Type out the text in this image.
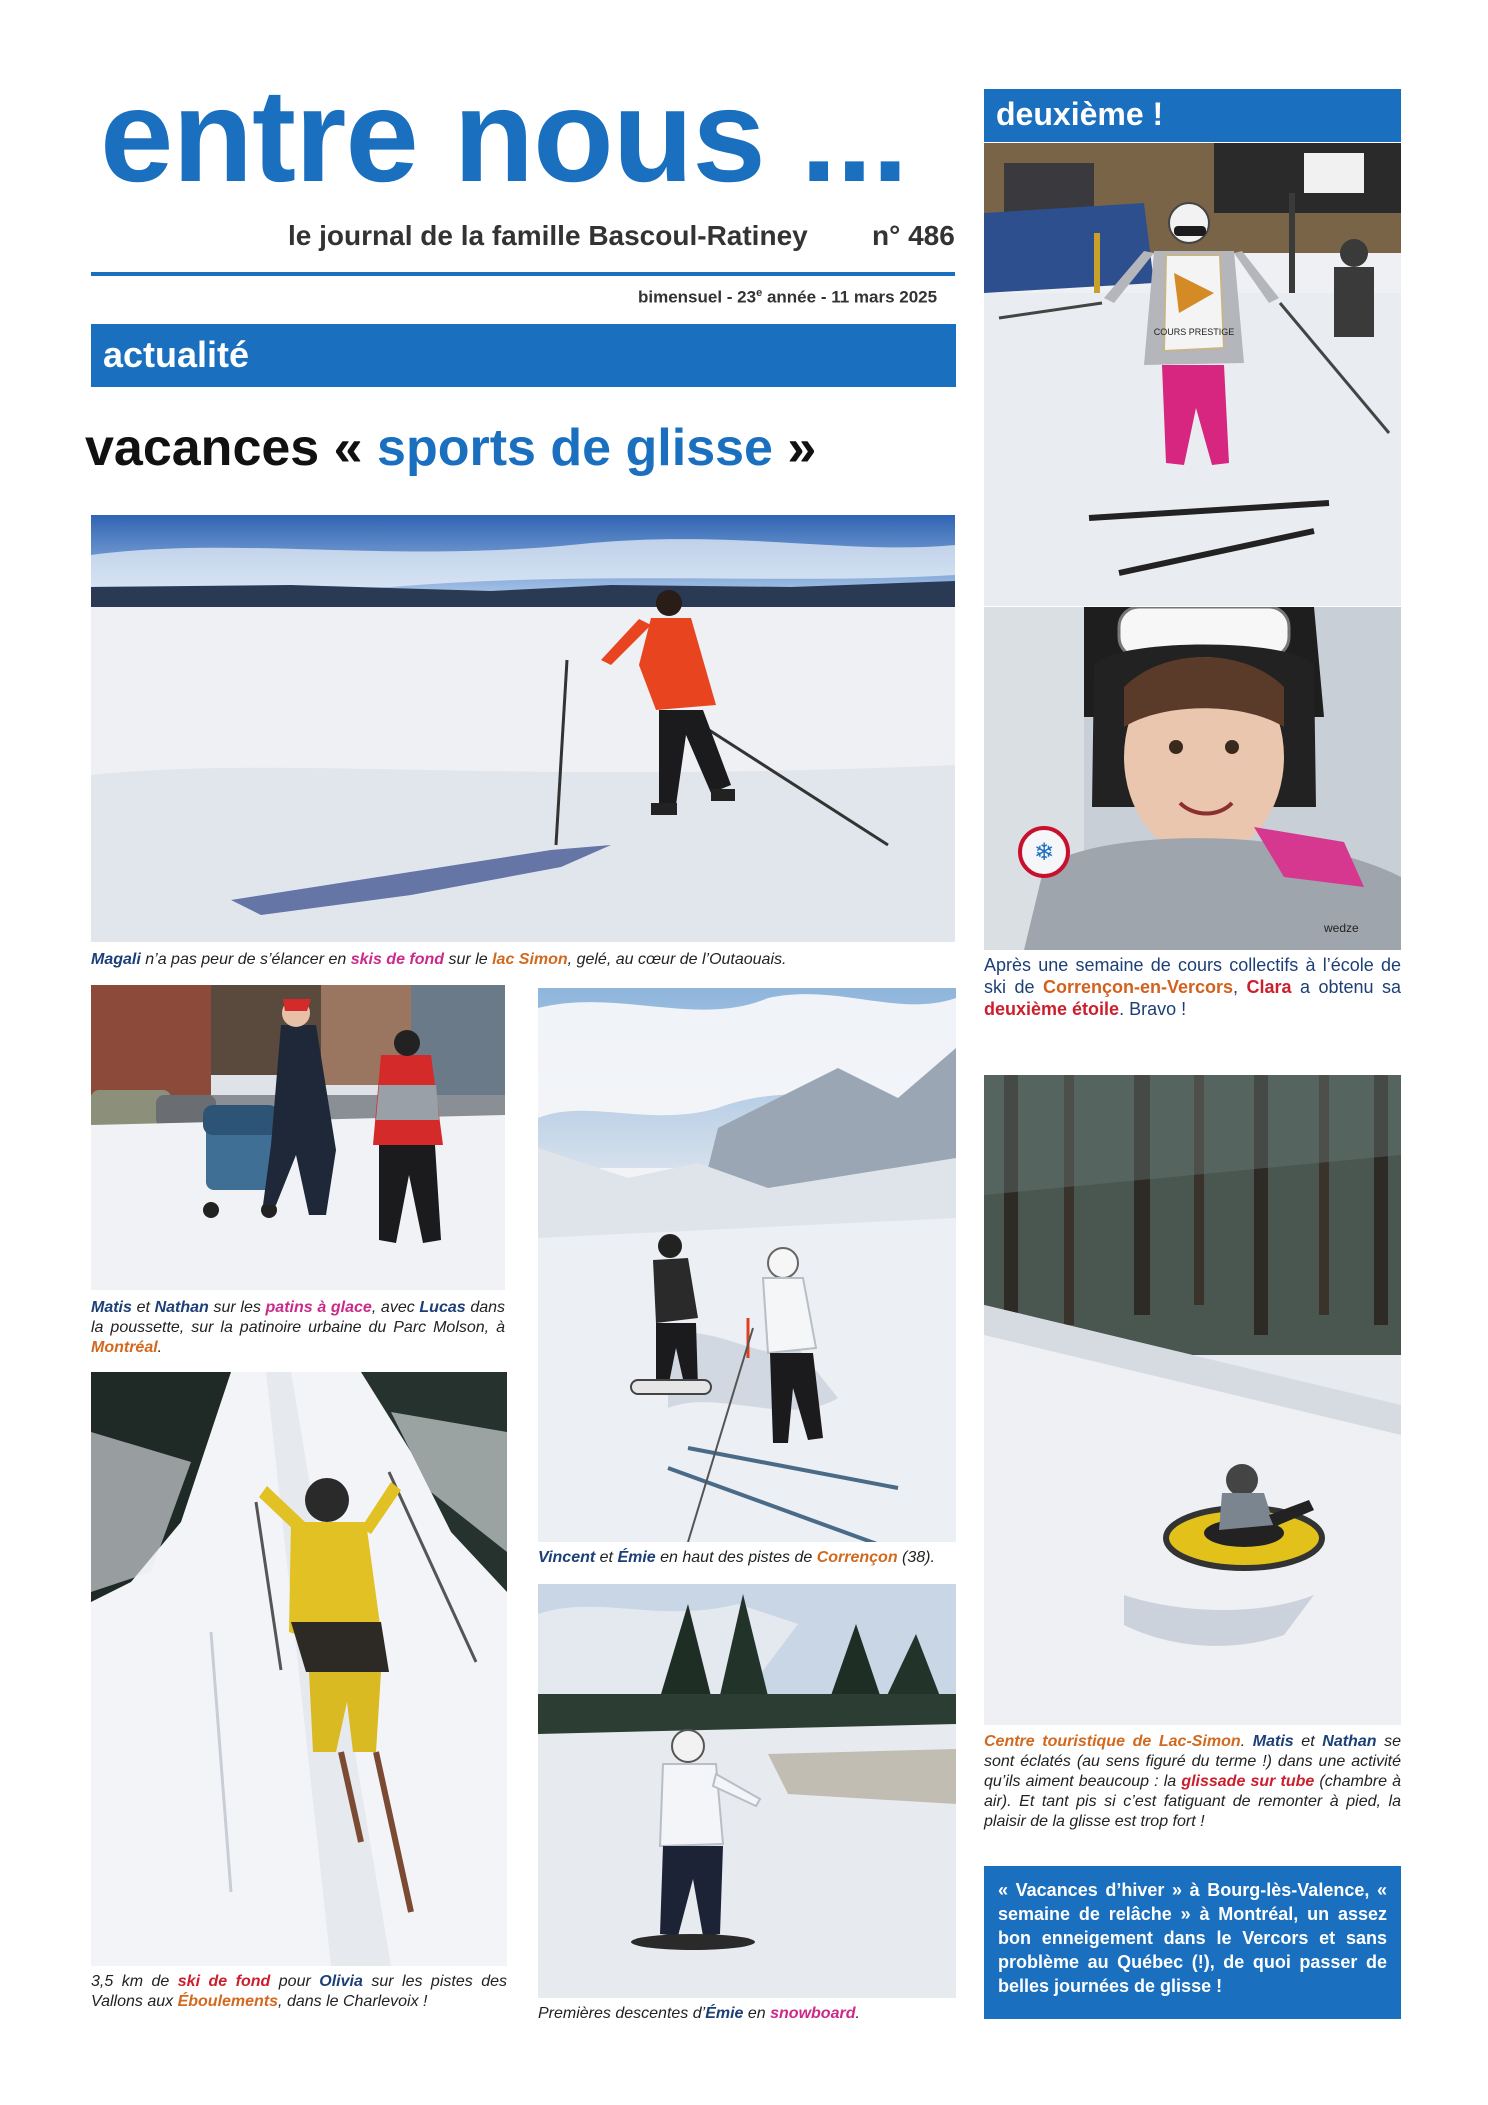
entre nous ...
le journal de la famille Bascoul-Ratiney n° 486
bimensuel - 23e année - 11 mars 2025
actualité
vacances « sports de glisse »
deuxième !
Magali n’a pas peur de s’élancer en skis de fond sur le lac Simon, gelé, au cœur de l’Outaouais.
Matis et Nathan sur les patins à glace, avec Lucas dans la poussette, sur la patinoire urbaine du Parc Molson, à Montréal.
3,5 km de ski de fond pour Olivia sur les pistes des Vallons aux Éboulements, dans le Charlevoix !
Vincent et Émie en haut des pistes de Corrençon (38).
Premières descentes d’Émie en snowboard.
COURS PRESTIGE
❄
wedze
Après une semaine de cours collectifs à l’école de ski de Corrençon-en-Vercors, Clara a obtenu sa deuxième étoile. Bravo !
Centre touristique de Lac-Simon. Matis et Nathan se sont éclatés (au sens figuré du terme !) dans une activité qu’ils aiment beaucoup : la glissade sur tube (chambre à air). Et tant pis si c’est fatiguant de remonter à pied, la plaisir de la glisse est trop fort !
« Vacances d’hiver » à Bourg-lès-Valence, « semaine de relâche » à Montréal, un assez bon enneigement dans le Vercors et sans problème au Québec (!), de quoi passer de belles journées de glisse !
